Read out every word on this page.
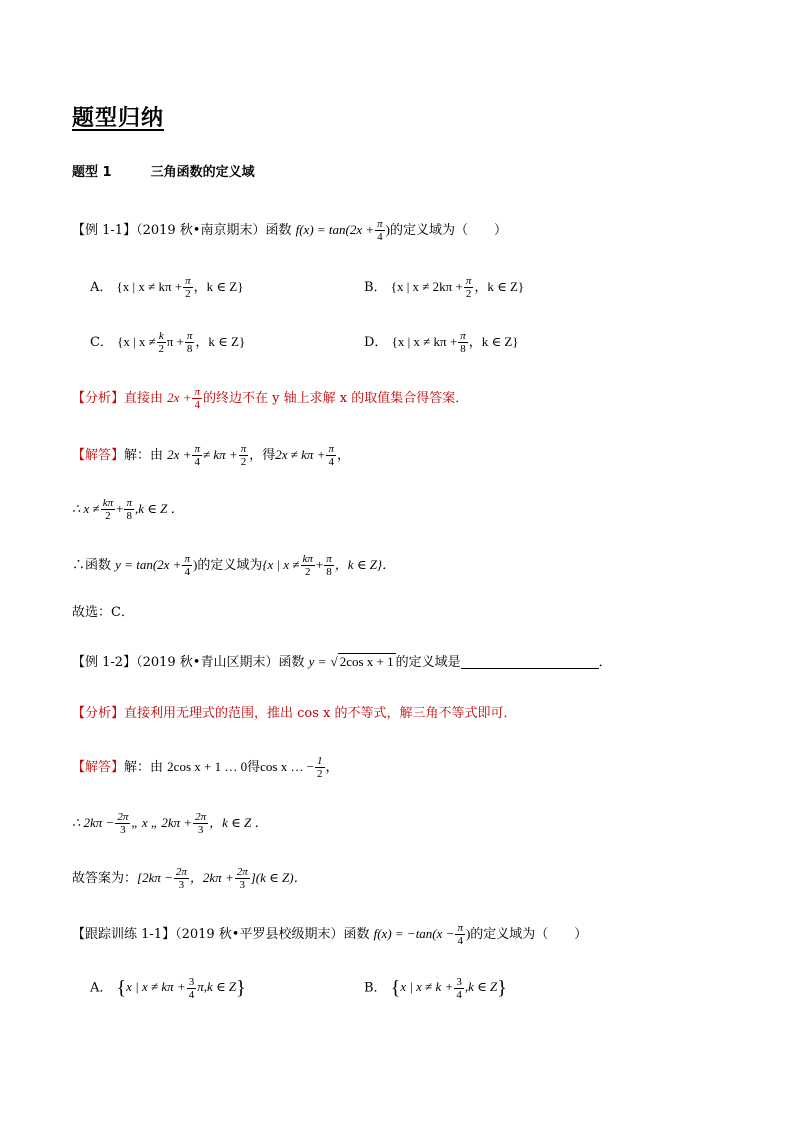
题型归纳
题型 1	三角函数的定义域
【例 1-1】（2019 秋•南京期末）函数 $f(x) = \tan(2x + \frac{\pi}{4}$ )的定义域为（　　）
A． {x | $x \ne k\pi + \frac{\pi}{2}$ ，k ∈ Z}	B． {x | $x \ne 2k\pi + \frac{\pi}{2}$ ，k ∈ Z}
C． {x | $x \ne \frac{k}{2}$ $\pi + \frac{\pi}{8}$ ，k ∈ Z}	D． {x | $x \ne k\pi + \frac{\pi}{8}$ ，k ∈ Z}
【分析】直接由 $2x + \frac{\pi}{4}$ 的终边不在 y 轴上求解 x 的取值集合得答案．
【解答】解：由 $2x + \frac{\pi}{4} \ne k\pi + \frac{\pi}{2}$ ，得$2x \ne k\pi + \frac{\pi}{4}$ ，
∴ $x \ne \frac{k\pi}{2} + \frac{\pi}{8} ,k$ ∈ Z ．
∴函数 $y = \tan(2x + \frac{\pi}{4}$ )的定义域为{x | $x \ne \frac{k\pi}{2} + \frac{\pi}{8}$ ，k ∈ Z}．
故选：C．
【例 1-2】（2019 秋•青山区期末）函数 y = √ 2cos x + 1 的定义域是	．
【分析】直接利用无理式的范围，推出 cos x 的不等式，解三角不等式即可．
【解答】解：由 2cos x + 1 … 0得cos x … − $\frac{1}{2}$ ，
∴ $2k\pi - \frac{2\pi}{3}$ „ x „ $2k\pi + \frac{2\pi}{3}$ ，k ∈ Z ．
故答案为：[$2k\pi - \frac{2\pi}{3}$ ，$2k\pi + \frac{2\pi}{3} ](k$ ∈ Z)．
【跟踪训练 1-1】（2019 秋•平罗县校级期末）函数 $f(x) = -\tan(x - \frac{\pi}{4}$ )的定义域为（　　）
A． {x | $x \ne k\pi + \frac{3}{4} \pi,k$ ∈ Z}	B． {x | $x \ne k + \frac{3}{4} ,k$ ∈ Z}
